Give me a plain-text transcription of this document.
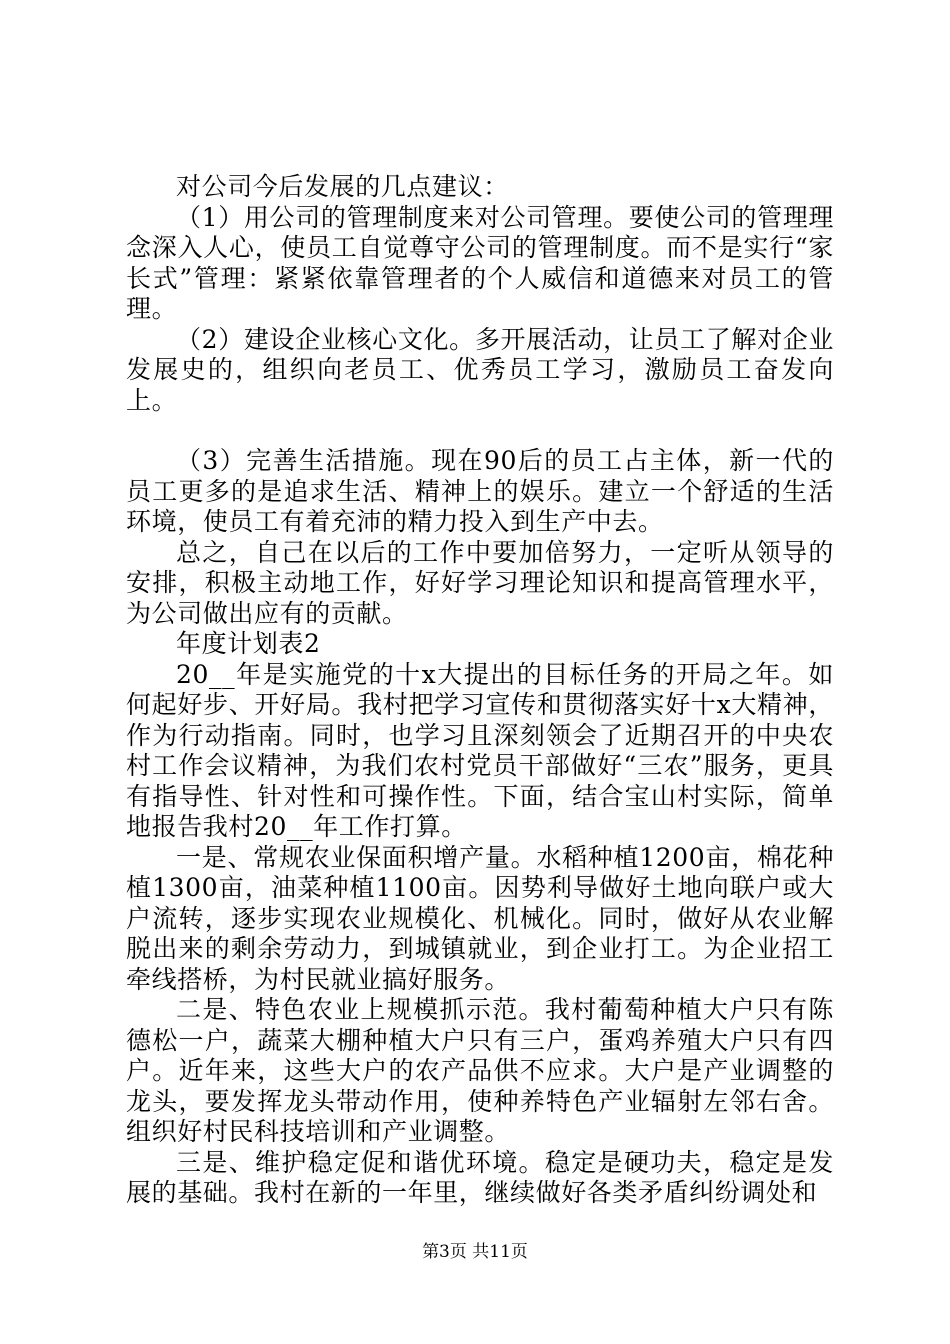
对公司今后发展的几点建议：

（1）用公司的管理制度来对公司管理。要使公司的管理理念深入人心，使员工自觉尊守公司的管理制度。而不是实行“家长式”管理：紧紧依靠管理者的个人威信和道德来对员工的管理。

（2）建设企业核心文化。多开展活动，让员工了解对企业发展史的，组织向老员工、优秀员工学习，激励员工奋发向上。

（3）完善生活措施。现在90后的员工占主体，新一代的员工更多的是追求生活、精神上的娱乐。建立一个舒适的生活环境，使员工有着充沛的精力投入到生产中去。

总之，自己在以后的工作中要加倍努力，一定听从领导的安排，积极主动地工作，好好学习理论知识和提高管理水平，为公司做出应有的贡献。

年度计划表2

20__年是实施党的十x大提出的目标任务的开局之年。如何起好步、开好局。我村把学习宣传和贯彻落实好十x大精神，作为行动指南。同时，也学习且深刻领会了近期召开的中央农村工作会议精神，为我们农村党员干部做好“三农”服务，更具有指导性、针对性和可操作性。下面，结合宝山村实际，简单地报告我村20__年工作打算。

一是、常规农业保面积增产量。水稻种植1200亩，棉花种植1300亩，油菜种植1100亩。因势利导做好土地向联户或大户流转，逐步实现农业规模化、机械化。同时，做好从农业解脱出来的剩余劳动力，到城镇就业，到企业打工。为企业招工牵线搭桥，为村民就业搞好服务。

二是、特色农业上规模抓示范。我村葡萄种植大户只有陈德松一户，蔬菜大棚种植大户只有三户，蛋鸡养殖大户只有四户。近年来，这些大户的农产品供不应求。大户是产业调整的龙头，要发挥龙头带动作用，使种养特色产业辐射左邻右舍。组织好村民科技培训和产业调整。

三是、维护稳定促和谐优环境。稳定是硬功夫，稳定是发展的基础。我村在新的一年里，继续做好各类矛盾纠纷调处和

第3页 共11页
